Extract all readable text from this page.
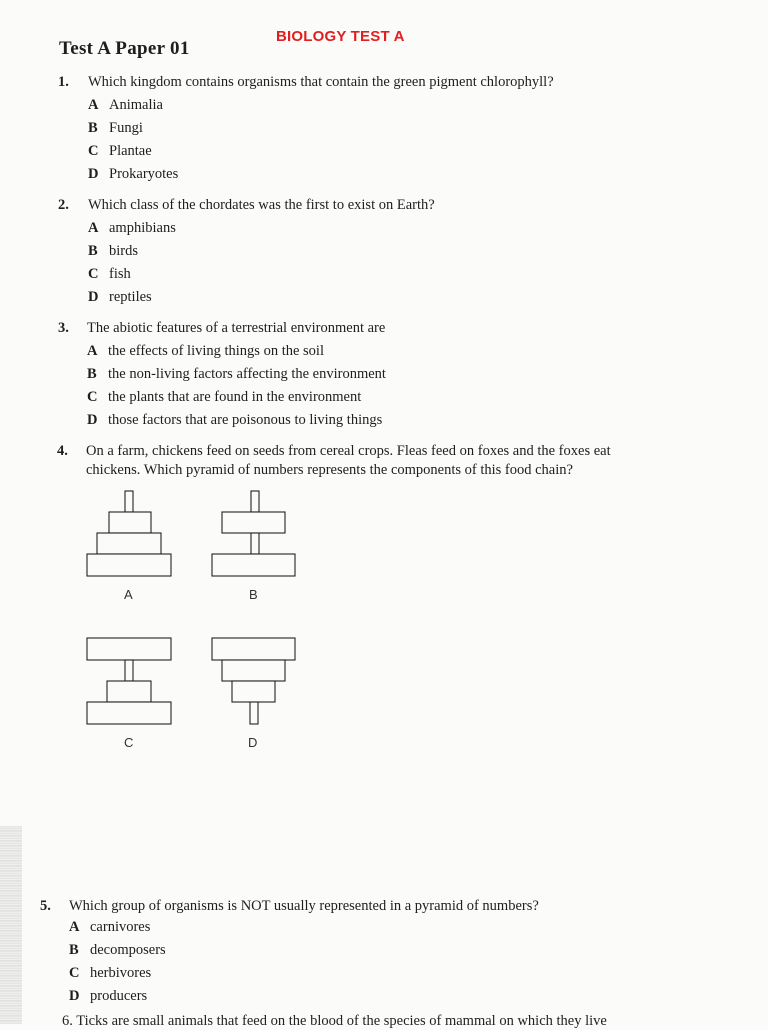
BIOLOGY TEST A
Test A Paper 01
1. Which kingdom contains organisms that contain the green pigment chlorophyll?
A Animalia
B Fungi
C Plantae
D Prokaryotes
2. Which class of the chordates was the first to exist on Earth?
A amphibians
B birds
C fish
D reptiles
3. The abiotic features of a terrestrial environment are
A the effects of living things on the soil
B the non-living factors affecting the environment
C the plants that are found in the environment
D those factors that are poisonous to living things
4. On a farm, chickens feed on seeds from cereal crops. Fleas feed on foxes and the foxes eat
chickens. Which pyramid of numbers represents the components of this food chain?
A	B
C	D
5. Which group of organisms is NOT usually represented in a pyramid of numbers?
A carnivores
B decomposers
C herbivores
D producers
6. Ticks are small animals that feed on the blood of the species of mammal on which they live
